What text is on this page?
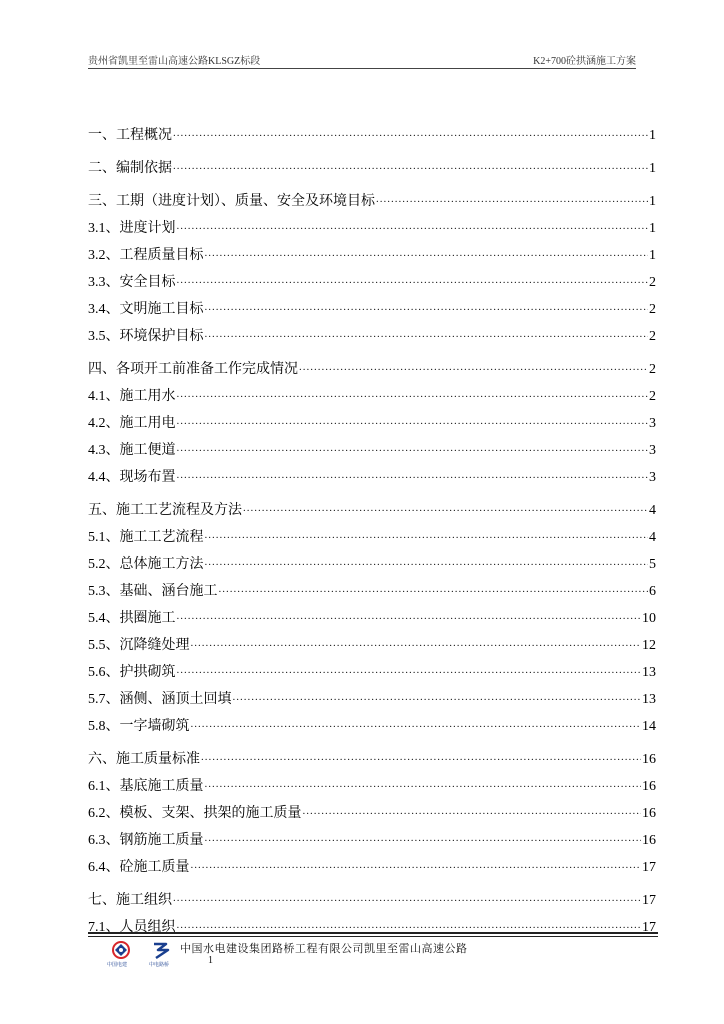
贵州省凯里至雷山高速公路KLSGZ标段	K2+700砼拱涵施工方案
一、工程概况 .....	1
二、编制依据 .....	1
三、工期（进度计划）、质量、安全及环境目标 .....	1
3.1、进度计划 .....	1
3.2、工程质量目标 .....	1
3.3、安全目标 .....	2
3.4、文明施工目标 .....	2
3.5、环境保护目标 .....	2
四、各项开工前准备工作完成情况 .....	2
4.1、施工用水 .....	2
4.2、施工用电 .....	3
4.3、施工便道 .....	3
4.4、现场布置 .....	3
五、施工工艺流程及方法 .....	4
5.1、施工工艺流程 .....	4
5.2、总体施工方法 .....	5
5.3、基础、涵台施工 .....	6
5.4、拱圈施工 .....	10
5.5、沉降缝处理 .....	12
5.6、护拱砌筑 .....	13
5.7、涵侧、涵顶土回填 .....	13
5.8、一字墙砌筑 .....	14
六、施工质量标准 .....	16
6.1、基底施工质量 .....	16
6.2、模板、支架、拱架的施工质量 .....	16
6.3、钢筋施工质量 .....	16
6.4、砼施工质量 .....	17
七、施工组织 .....	17
7.1、人员组织 .....	17
中国电建	中电路桥
中国水电建设集团路桥工程有限公司凯里至雷山高速公路
1
